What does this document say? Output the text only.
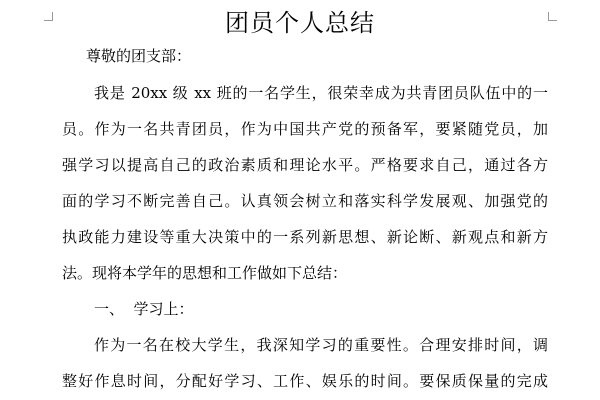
团员个人总结
尊敬的团支部：
我是 20xx 级 xx 班的一名学生，很荣幸成为共青团员队伍中的一
员。作为一名共青团员，作为中国共产党的预备军，要紧随党员，加
强学习以提高自己的政治素质和理论水平。严格要求自己，通过各方
面的学习不断完善自己。认真领会树立和落实科学发展观、加强党的
执政能力建设等重大决策中的一系列新思想、新论断、新观点和新方
法。现将本学年的思想和工作做如下总结：
一、  学习上：
作为一名在校大学生，我深知学习的重要性。合理安排时间，调
整好作息时间，分配好学习、工作、娱乐的时间。要保质保量的完成
